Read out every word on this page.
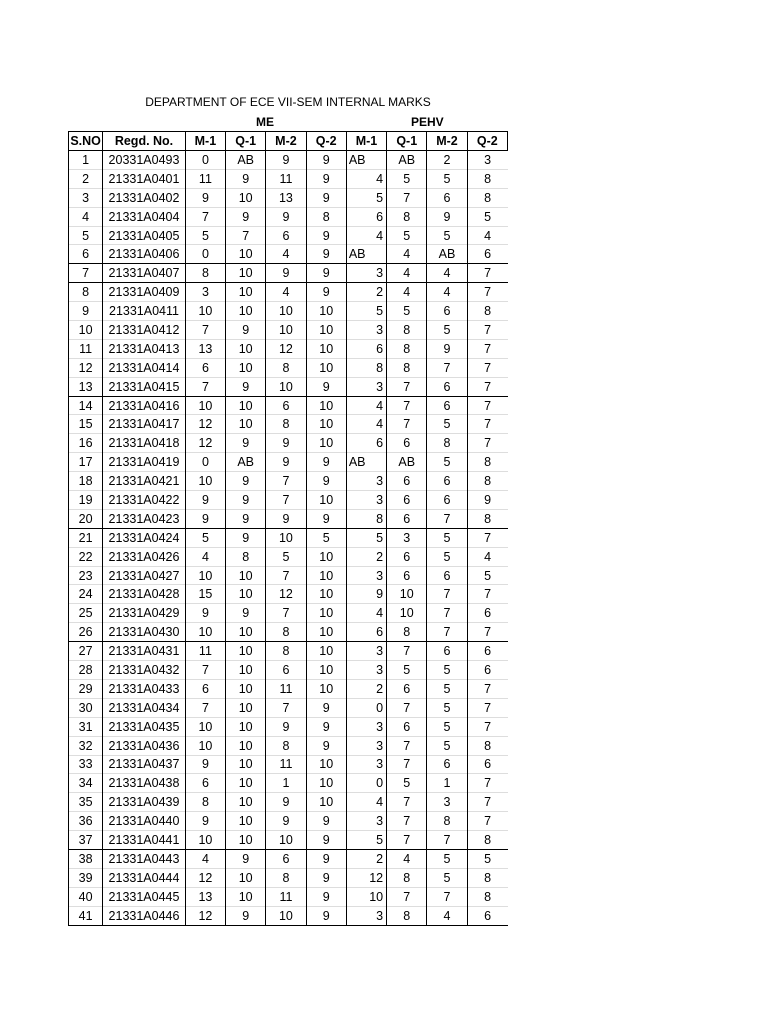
DEPARTMENT OF ECE VII-SEM INTERNAL MARKS
ME	PEHV
S.NO	Regd. No.	M-1	Q-1	M-2	Q-2	M-1	Q-1	M-2	Q-2
1	20331A0493	0	AB	9	9	AB	AB	2	3
2	21331A0401	11	9	11	9	4	5	5	8
3	21331A0402	9	10	13	9	5	7	6	8
4	21331A0404	7	9	9	8	6	8	9	5
5	21331A0405	5	7	6	9	4	5	5	4
6	21331A0406	0	10	4	9	AB	4	AB	6
7	21331A0407	8	10	9	9	3	4	4	7
8	21331A0409	3	10	4	9	2	4	4	7
9	21331A0411	10	10	10	10	5	5	6	8
10	21331A0412	7	9	10	10	3	8	5	7
11	21331A0413	13	10	12	10	6	8	9	7
12	21331A0414	6	10	8	10	8	8	7	7
13	21331A0415	7	9	10	9	3	7	6	7
14	21331A0416	10	10	6	10	4	7	6	7
15	21331A0417	12	10	8	10	4	7	5	7
16	21331A0418	12	9	9	10	6	6	8	7
17	21331A0419	0	AB	9	9	AB	AB	5	8
18	21331A0421	10	9	7	9	3	6	6	8
19	21331A0422	9	9	7	10	3	6	6	9
20	21331A0423	9	9	9	9	8	6	7	8
21	21331A0424	5	9	10	5	5	3	5	7
22	21331A0426	4	8	5	10	2	6	5	4
23	21331A0427	10	10	7	10	3	6	6	5
24	21331A0428	15	10	12	10	9	10	7	7
25	21331A0429	9	9	7	10	4	10	7	6
26	21331A0430	10	10	8	10	6	8	7	7
27	21331A0431	11	10	8	10	3	7	6	6
28	21331A0432	7	10	6	10	3	5	5	6
29	21331A0433	6	10	11	10	2	6	5	7
30	21331A0434	7	10	7	9	0	7	5	7
31	21331A0435	10	10	9	9	3	6	5	7
32	21331A0436	10	10	8	9	3	7	5	8
33	21331A0437	9	10	11	10	3	7	6	6
34	21331A0438	6	10	1	10	0	5	1	7
35	21331A0439	8	10	9	10	4	7	3	7
36	21331A0440	9	10	9	9	3	7	8	7
37	21331A0441	10	10	10	9	5	7	7	8
38	21331A0443	4	9	6	9	2	4	5	5
39	21331A0444	12	10	8	9	12	8	5	8
40	21331A0445	13	10	11	9	10	7	7	8
41	21331A0446	12	9	10	9	3	8	4	6
